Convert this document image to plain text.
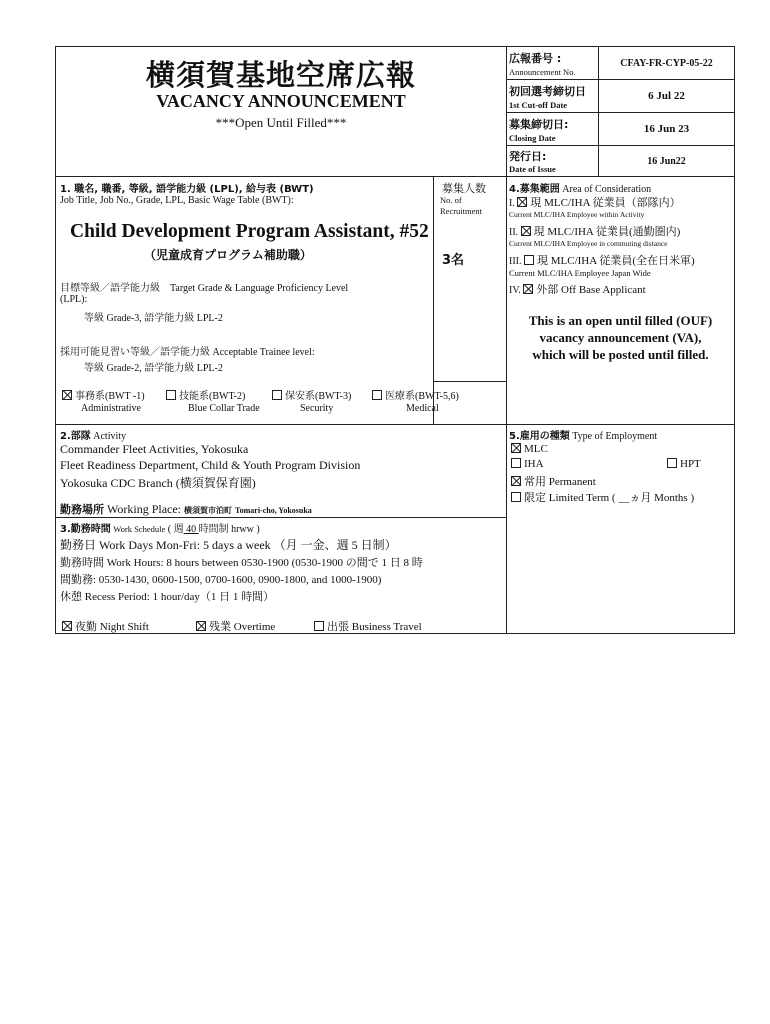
横須賀基地空席広報
VACANCY ANNOUNCEMENT
***Open Until Filled***
広報番号 :
Announcement No.
CFAY-FR-CYP-05-22
初回選考締切日
1st Cut-off Date
6 Jul 22
募集締切日:
Closing Date
16 Jun 23
発行日:
Date of Issue
16 Jun22
1. 職名, 職番, 等級, 語学能力級 (LPL), 給与表 (BWT)
Job Title, Job No., Grade, LPL, Basic Wage Table (BWT):
Child Development Program Assistant, #52
（児童成育プログラム補助職）
目標等級／語学能力級　Target Grade & Language Proficiency Level
(LPL):
等級 Grade-3, 語学能力級 LPL-2
採用可能見習い等級／語学能力級 Acceptable Trainee level:
等級 Grade-2, 語学能力級 LPL-2
募集人数
No. of
Recruitment
3名
事務系(BWT -1)
Administrative
技能系(BWT-2)
Blue Collar Trade
保安系(BWT-3)
Security
医療系(BWT-5,6)
Medical
4.募集範囲 Area of Consideration
I. 現 MLC/IHA 従業員（部隊内）
Current MLC/IHA Employee within Activity
II. 現 MLC/IHA 従業員(通勤圏内)
Current MLC/IHA Employee in commuting distance
III. 現 MLC/IHA 従業員(全在日米軍)
Current MLC/IHA Employee Japan Wide
IV. 外部 Off Base Applicant
This is an open until filled (OUF)
vacancy announcement (VA),
which will be posted until filled.
2.部隊 Activity
Commander Fleet Activities, Yokosuka
Fleet Readiness Department, Child & Youth Program Division
Yokosuka CDC Branch (横須賀保育園)
勤務場所 Working Place: 横須賀市泊町 Tomari-cho, Yokosuka
3.勤務時間 Work Schedule ( 週 40 時間制 hrww )
勤務日 Work Days Mon-Fri: 5 days a week （月 一金、週 5 日制）
勤務時間 Work Hours: 8 hours between 0530-1900 (0530-1900 の間で 1 日 8 時
間勤務: 0530-1430, 0600-1500, 0700-1600, 0900-1800, and 1000-1900)
休憩 Recess Period: 1 hour/day（1 日 1 時間）
夜勤 Night Shift	残業 Overtime	出張 Business Travel
5.雇用の種類 Type of Employment
MLC
IHA	HPT
常用 Permanent
限定 Limited Term ( __ヵ月 Months )
